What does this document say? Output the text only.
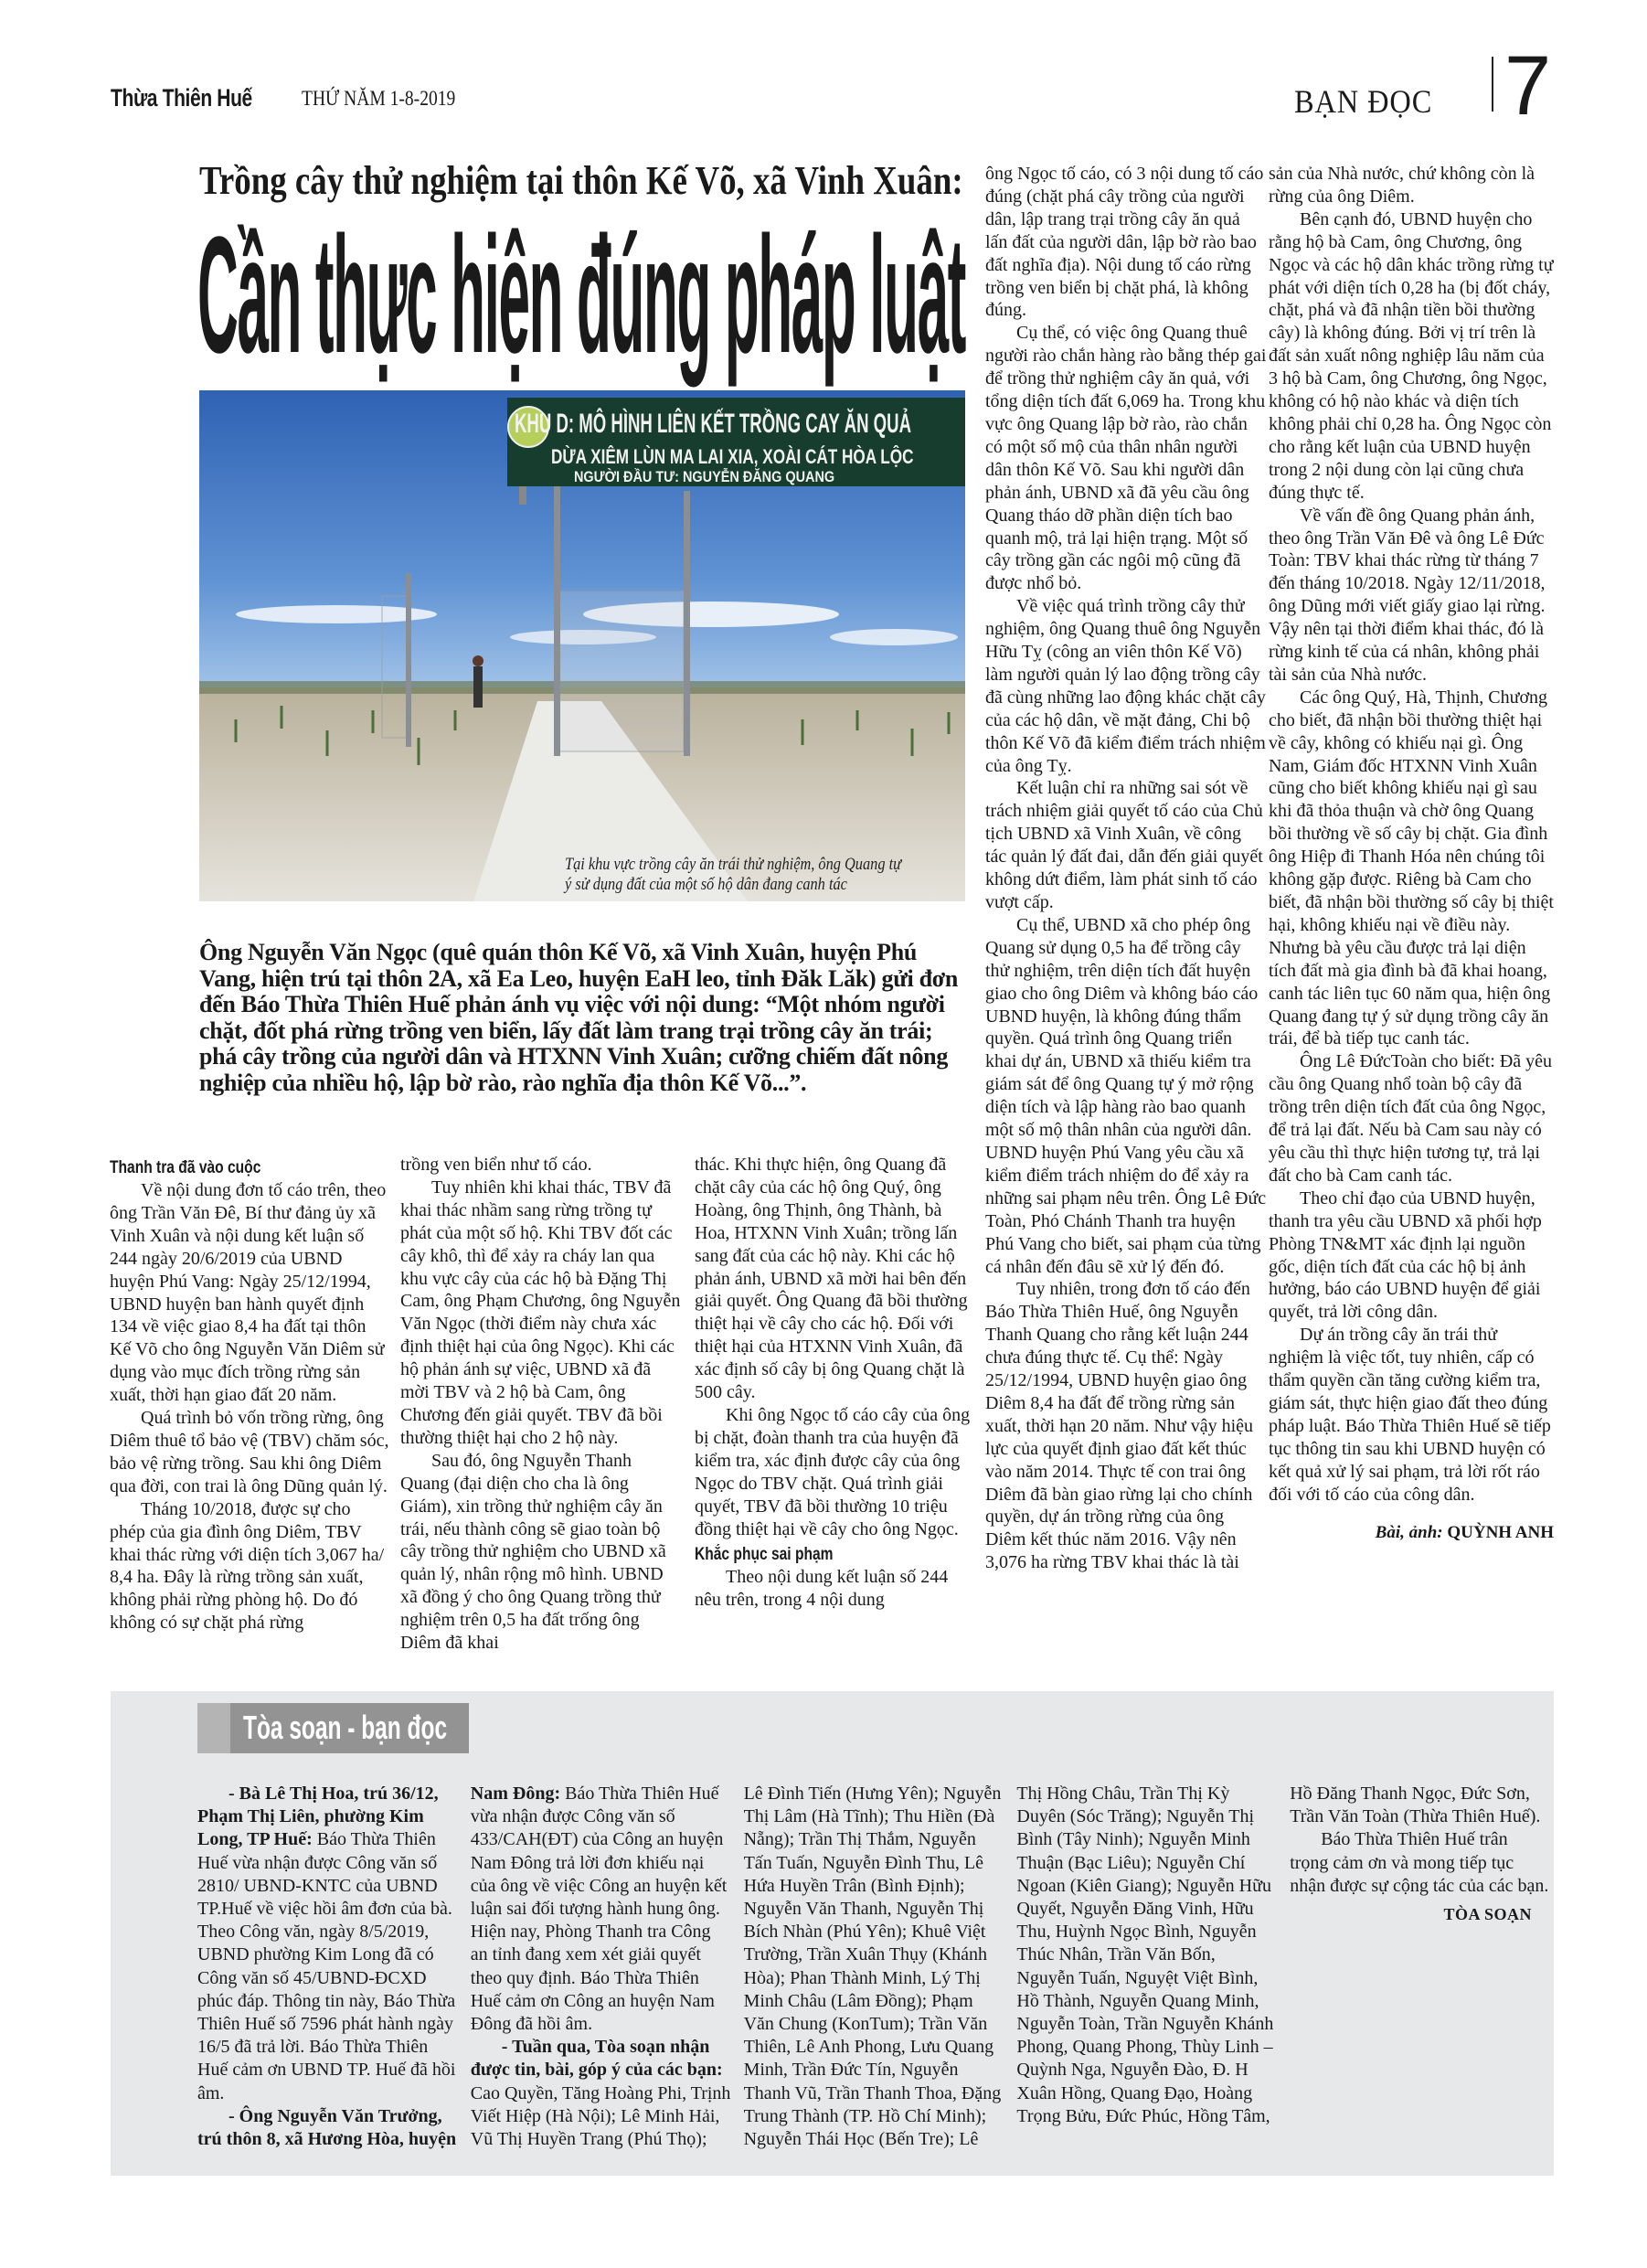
Thừa Thiên Huế THỨ NĂM 1-8-2019	BẠN ĐỌC 7
Trồng cây thử nghiệm tại thôn Kế Võ, xã Vinh Xuân:
Cần thực hiện đúng pháp luật
KHU D: MÔ HÌNH LIÊN KẾT TRỒNG CAY ĂN QUẢ
DỪA XIÊM LÙN MA LAI XIA, XOÀI CÁT HÒA LỘC
NGƯỜI ĐẦU TƯ: NGUYỄN ĐĂNG QUANG
Tại khu vực trồng cây ăn trái thử nghiệm, ông Quang tự ý sử dụng đất của một số hộ dân đang canh tác
Ông Nguyễn Văn Ngọc (quê quán thôn Kế Võ, xã Vinh Xuân, huyện Phú Vang, hiện trú tại thôn 2A, xã Ea Leo, huyện EaH leo, tỉnh Đăk Lăk) gửi đơn đến Báo Thừa Thiên Huế phản ánh vụ việc với nội dung: “Một nhóm người chặt, đốt phá rừng trồng ven biển, lấy đất làm trang trại trồng cây ăn trái; phá cây trồng của người dân và HTXNN Vinh Xuân; cưỡng chiếm đất nông nghiệp của nhiều hộ, lập bờ rào, rào nghĩa địa thôn Kế Võ...”.
Thanh tra đã vào cuộc

Về nội dung đơn tố cáo trên, theo ông Trần Văn Đê, Bí thư đảng ủy xã Vinh Xuân và nội dung kết luận số 244 ngày 20/6/2019 của UBND huyện Phú Vang: Ngày 25/12/1994, UBND huyện ban hành quyết định 134 về việc giao 8,4 ha đất tại thôn Kế Võ cho ông Nguyễn Văn Diêm sử dụng vào mục đích trồng rừng sản xuất, thời hạn giao đất 20 năm.

Quá trình bỏ vốn trồng rừng, ông Diêm thuê tổ bảo vệ (TBV) chăm sóc, bảo vệ rừng trồng. Sau khi ông Diêm qua đời, con trai là ông Dũng quản lý.

Tháng 10/2018, được sự cho phép của gia đình ông Diêm, TBV khai thác rừng với diện tích 3,067 ha/ 8,4 ha. Đây là rừng trồng sản xuất, không phải rừng phòng hộ. Do đó không có sự chặt phá rừng

trồng ven biển như tố cáo.

Tuy nhiên khi khai thác, TBV đã khai thác nhầm sang rừng trồng tự phát của một số hộ. Khi TBV đốt các cây khô, thì để xảy ra cháy lan qua khu vực cây của các hộ bà Đặng Thị Cam, ông Phạm Chương, ông Nguyễn Văn Ngọc (thời điểm này chưa xác định thiệt hại của ông Ngọc). Khi các hộ phản ánh sự việc, UBND xã đã mời TBV và 2 hộ bà Cam, ông Chương đến giải quyết. TBV đã bồi thường thiệt hại cho 2 hộ này.

Sau đó, ông Nguyễn Thanh Quang (đại diện cho cha là ông Giám), xin trồng thử nghiệm cây ăn trái, nếu thành công sẽ giao toàn bộ cây trồng thử nghiệm cho UBND xã quản lý, nhân rộng mô hình. UBND xã đồng ý cho ông Quang trồng thử nghiệm trên 0,5 ha đất trống ông Diêm đã khai

thác. Khi thực hiện, ông Quang đã chặt cây của các hộ ông Quý, ông Hoàng, ông Thịnh, ông Thành, bà Hoa, HTXNN Vinh Xuân; trồng lấn sang đất của các hộ này. Khi các hộ phản ánh, UBND xã mời hai bên đến giải quyết. Ông Quang đã bồi thường thiệt hại về cây cho các hộ. Đối với thiệt hại của HTXNN Vinh Xuân, đã xác định số cây bị ông Quang chặt là 500 cây.

Khi ông Ngọc tố cáo cây của ông bị chặt, đoàn thanh tra của huyện đã kiểm tra, xác định được cây của ông Ngọc do TBV chặt. Quá trình giải quyết, TBV đã bồi thường 10 triệu đồng thiệt hại về cây cho ông Ngọc.

Khắc phục sai phạm

Theo nội dung kết luận số 244 nêu trên, trong 4 nội dung

ông Ngọc tố cáo, có 3 nội dung tố cáo đúng (chặt phá cây trồng của người dân, lập trang trại trồng cây ăn quả lấn đất của người dân, lập bờ rào bao đất nghĩa địa). Nội dung tố cáo rừng trồng ven biển bị chặt phá, là không đúng.

Cụ thể, có việc ông Quang thuê người rào chắn hàng rào bằng thép gai để trồng thử nghiệm cây ăn quả, với tổng diện tích đất 6,069 ha. Trong khu vực ông Quang lập bờ rào, rào chắn có một số mộ của thân nhân người dân thôn Kế Võ. Sau khi người dân phản ánh, UBND xã đã yêu cầu ông Quang tháo dỡ phần diện tích bao quanh mộ, trả lại hiện trạng. Một số cây trồng gần các ngôi mộ cũng đã được nhổ bỏ.

Về việc quá trình trồng cây thử nghiệm, ông Quang thuê ông Nguyễn Hữu Tỵ (công an viên thôn Kế Võ) làm người quản lý lao động trồng cây đã cùng những lao động khác chặt cây của các hộ dân, về mặt đảng, Chi bộ thôn Kế Võ đã kiểm điểm trách nhiệm của ông Tỵ.

Kết luận chỉ ra những sai sót về trách nhiệm giải quyết tố cáo của Chủ tịch UBND xã Vinh Xuân, về công tác quản lý đất đai, dẫn đến giải quyết không dứt điểm, làm phát sinh tố cáo vượt cấp.

Cụ thể, UBND xã cho phép ông Quang sử dụng 0,5 ha để trồng cây thử nghiệm, trên diện tích đất huyện giao cho ông Diêm và không báo cáo UBND huyện, là không đúng thẩm quyền. Quá trình ông Quang triển khai dự án, UBND xã thiếu kiểm tra giám sát để ông Quang tự ý mở rộng diện tích và lập hàng rào bao quanh một số mộ thân nhân của người dân. UBND huyện Phú Vang yêu cầu xã kiểm điểm trách nhiệm do để xảy ra những sai phạm nêu trên. Ông Lê Đức Toàn, Phó Chánh Thanh tra huyện Phú Vang cho biết, sai phạm của từng cá nhân đến đâu sẽ xử lý đến đó.

Tuy nhiên, trong đơn tố cáo đến Báo Thừa Thiên Huế, ông Nguyễn Thanh Quang cho rằng kết luận 244 chưa đúng thực tế. Cụ thể: Ngày 25/12/1994, UBND huyện giao ông Diêm 8,4 ha đất để trồng rừng sản xuất, thời hạn 20 năm. Như vậy hiệu lực của quyết định giao đất kết thúc vào năm 2014. Thực tế con trai ông Diêm đã bàn giao rừng lại cho chính quyền, dự án trồng rừng của ông Diêm kết thúc năm 2016. Vậy nên 3,076 ha rừng TBV khai thác là tài

sản của Nhà nước, chứ không còn là rừng của ông Diêm.

Bên cạnh đó, UBND huyện cho rằng hộ bà Cam, ông Chương, ông Ngọc và các hộ dân khác trồng rừng tự phát với diện tích 0,28 ha (bị đốt cháy, chặt, phá và đã nhận tiền bồi thường cây) là không đúng. Bởi vị trí trên là đất sản xuất nông nghiệp lâu năm của 3 hộ bà Cam, ông Chương, ông Ngọc, không có hộ nào khác và diện tích không phải chỉ 0,28 ha. Ông Ngọc còn cho rằng kết luận của UBND huyện trong 2 nội dung còn lại cũng chưa đúng thực tế.

Về vấn đề ông Quang phản ánh, theo ông Trần Văn Đê và ông Lê Đức Toàn: TBV khai thác rừng từ tháng 7 đến tháng 10/2018. Ngày 12/11/2018, ông Dũng mới viết giấy giao lại rừng. Vậy nên tại thời điểm khai thác, đó là rừng kinh tế của cá nhân, không phải tài sản của Nhà nước.

Các ông Quý, Hà, Thịnh, Chương cho biết, đã nhận bồi thường thiệt hại về cây, không có khiếu nại gì. Ông Nam, Giám đốc HTXNN Vinh Xuân cũng cho biết không khiếu nại gì sau khi đã thỏa thuận và chờ ông Quang bồi thường về số cây bị chặt. Gia đình ông Hiệp đi Thanh Hóa nên chúng tôi không gặp được. Riêng bà Cam cho biết, đã nhận bồi thường số cây bị thiệt hại, không khiếu nại về điều này. Nhưng bà yêu cầu được trả lại diện tích đất mà gia đình bà đã khai hoang, canh tác liên tục 60 năm qua, hiện ông Quang đang tự ý sử dụng trồng cây ăn trái, để bà tiếp tục canh tác.

Ông Lê ĐứcToàn cho biết: Đã yêu cầu ông Quang nhổ toàn bộ cây đã trồng trên diện tích đất của ông Ngọc, để trả lại đất. Nếu bà Cam sau này có yêu cầu thì thực hiện tương tự, trả lại đất cho bà Cam canh tác.

Theo chỉ đạo của UBND huyện, thanh tra yêu cầu UBND xã phối hợp Phòng TN&MT xác định lại nguồn gốc, diện tích đất của các hộ bị ảnh hưởng, báo cáo UBND huyện để giải quyết, trả lời công dân.

Dự án trồng cây ăn trái thử nghiệm là việc tốt, tuy nhiên, cấp có thẩm quyền cần tăng cường kiểm tra, giám sát, thực hiện giao đất theo đúng pháp luật. Báo Thừa Thiên Huế sẽ tiếp tục thông tin sau khi UBND huyện có kết quả xử lý sai phạm, trả lời rốt ráo đối với tố cáo của công dân.

Bài, ảnh: QUỲNH ANH
Tòa soạn - bạn đọc

- Bà Lê Thị Hoa, trú 36/12, Phạm Thị Liên, phường Kim Long, TP Huế: Báo Thừa Thiên Huế vừa nhận được Công văn số 2810/ UBND-KNTC của UBND TP.Huế về việc hồi âm đơn của bà. Theo Công văn, ngày 8/5/2019, UBND phường Kim Long đã có Công văn số 45/UBND-ĐCXD phúc đáp. Thông tin này, Báo Thừa Thiên Huế số 7596 phát hành ngày 16/5 đã trả lời. Báo Thừa Thiên Huế cảm ơn UBND TP. Huế đã hồi âm.

- Ông Nguyễn Văn Trưởng, trú thôn 8, xã Hương Hòa, huyện Nam Đông: Báo Thừa Thiên Huế vừa nhận được Công văn số 433/CAH(ĐT) của Công an huyện Nam Đông trả lời đơn khiếu nại của ông về việc Công an huyện kết luận sai đối tượng hành hung ông. Hiện nay, Phòng Thanh tra Công an tỉnh đang xem xét giải quyết theo quy định. Báo Thừa Thiên Huế cảm ơn Công an huyện Nam Đông đã hồi âm.

- Tuần qua, Tòa soạn nhận được tin, bài, góp ý của các bạn: Cao Quyền, Tăng Hoàng Phi, Trịnh Viết Hiệp (Hà Nội); Lê Minh Hải, Vũ Thị Huyền Trang (Phú Thọ); Lê Đình Tiến (Hưng Yên); Nguyễn Thị Lâm (Hà Tĩnh); Thu Hiền (Đà Nẵng); Trần Thị Thắm, Nguyễn Tấn Tuấn, Nguyễn Đình Thu, Lê Hứa Huyền Trân (Bình Định); Nguyễn Văn Thanh, Nguyễn Thị Bích Nhàn (Phú Yên); Khuê Việt Trường, Trần Xuân Thụy (Khánh Hòa); Phan Thành Minh, Lý Thị Minh Châu (Lâm Đồng); Phạm Văn Chung (KonTum); Trần Văn Thiên, Lê Anh Phong, Lưu Quang Minh, Trần Đức Tín, Nguyễn Thanh Vũ, Trần Thanh Thoa, Đặng Trung Thành (TP. Hồ Chí Minh); Nguyễn Thái Học (Bến Tre); Lê Thị Hồng Châu, Trần Thị Kỳ Duyên (Sóc Trăng); Nguyễn Thị Bình (Tây Ninh); Nguyễn Minh Thuận (Bạc Liêu); Nguyễn Chí Ngoan (Kiên Giang); Nguyễn Hữu Quyết, Nguyễn Đăng Vinh, Hữu Thu, Huỳnh Ngọc Bình, Nguyễn Thúc Nhân, Trần Văn Bốn, Nguyễn Tuấn, Nguyệt Việt Bình, Hồ Thành, Nguyễn Quang Minh, Nguyễn Toàn, Trần Nguyễn Khánh Phong, Quang Phong, Thùy Linh – Quỳnh Nga, Nguyễn Đào, Đ. H Xuân Hồng, Quang Đạo, Hoàng Trọng Bửu, Đức Phúc, Hồng Tâm, Hồ Đăng Thanh Ngọc, Đức Sơn, Trần Văn Toàn (Thừa Thiên Huế).

Báo Thừa Thiên Huế trân trọng cảm ơn và mong tiếp tục nhận được sự cộng tác của các bạn.

TÒA SOẠN
